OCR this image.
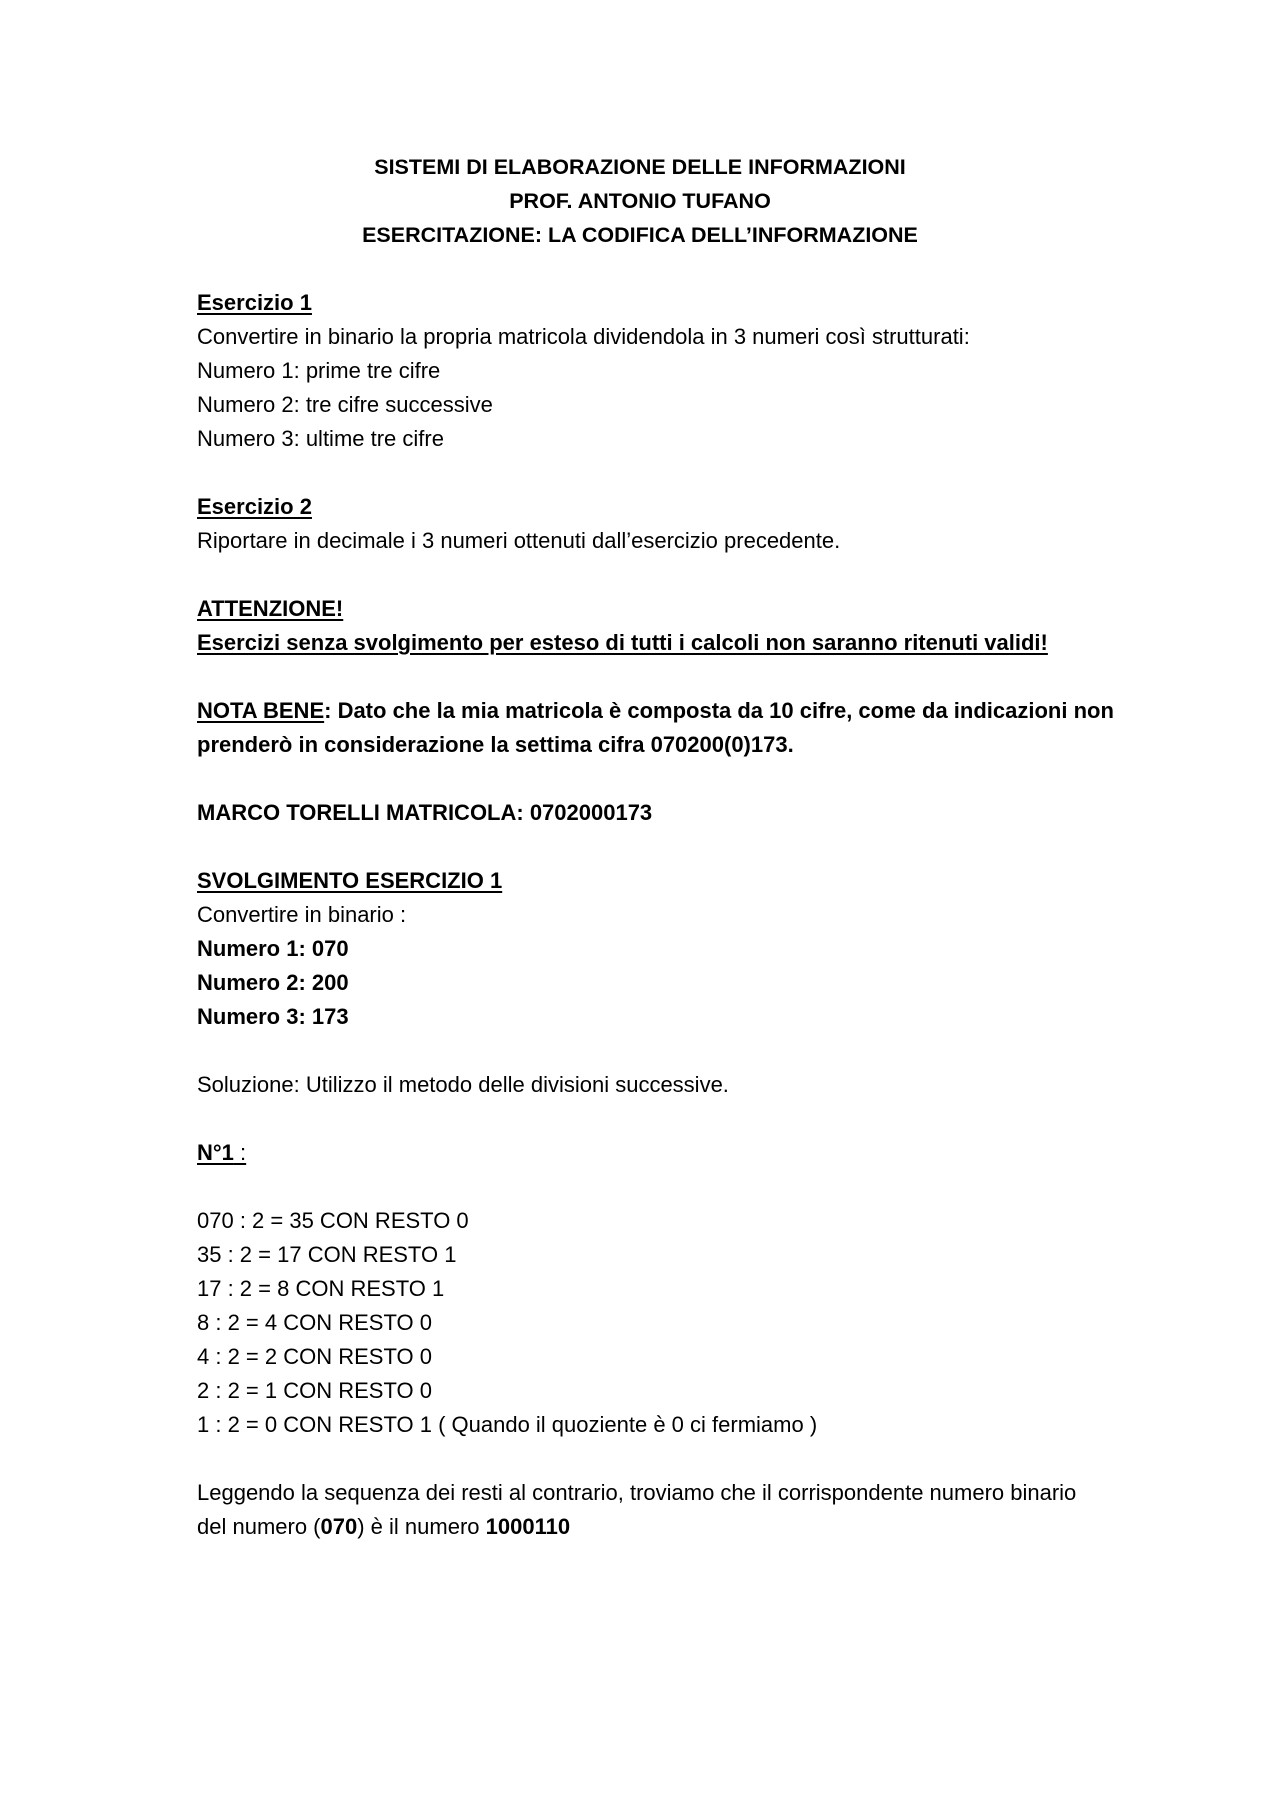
SISTEMI DI ELABORAZIONE DELLE INFORMAZIONI
PROF. ANTONIO TUFANO
ESERCITAZIONE: LA CODIFICA DELL’INFORMAZIONE
Esercizio 1
Convertire in binario la propria matricola dividendola in 3 numeri così strutturati:
Numero 1: prime tre cifre
Numero 2: tre cifre successive
Numero 3: ultime tre cifre
Esercizio 2
Riportare in decimale i 3 numeri ottenuti dall’esercizio precedente.
ATTENZIONE!
Esercizi senza svolgimento per esteso di tutti i calcoli non saranno ritenuti validi!
NOTA BENE: Dato che la mia matricola è composta da 10 cifre, come da indicazioni non
prenderò in considerazione la settima cifra 070200(0)173.
MARCO TORELLI MATRICOLA: 0702000173
SVOLGIMENTO ESERCIZIO 1
Convertire in binario :
Numero 1: 070
Numero 2: 200
Numero 3: 173
Soluzione: Utilizzo il metodo delle divisioni successive.
N°1 :
070 : 2 = 35 CON RESTO 0
35 : 2 = 17 CON RESTO 1
17 : 2 = 8 CON RESTO 1
8 : 2 = 4 CON RESTO 0
4 : 2 = 2 CON RESTO 0
2 : 2 = 1 CON RESTO 0
1 : 2 = 0 CON RESTO 1 ( Quando il quoziente è 0 ci fermiamo )
Leggendo la sequenza dei resti al contrario, troviamo che il corrispondente numero binario
del numero (070) è il numero 1000110
